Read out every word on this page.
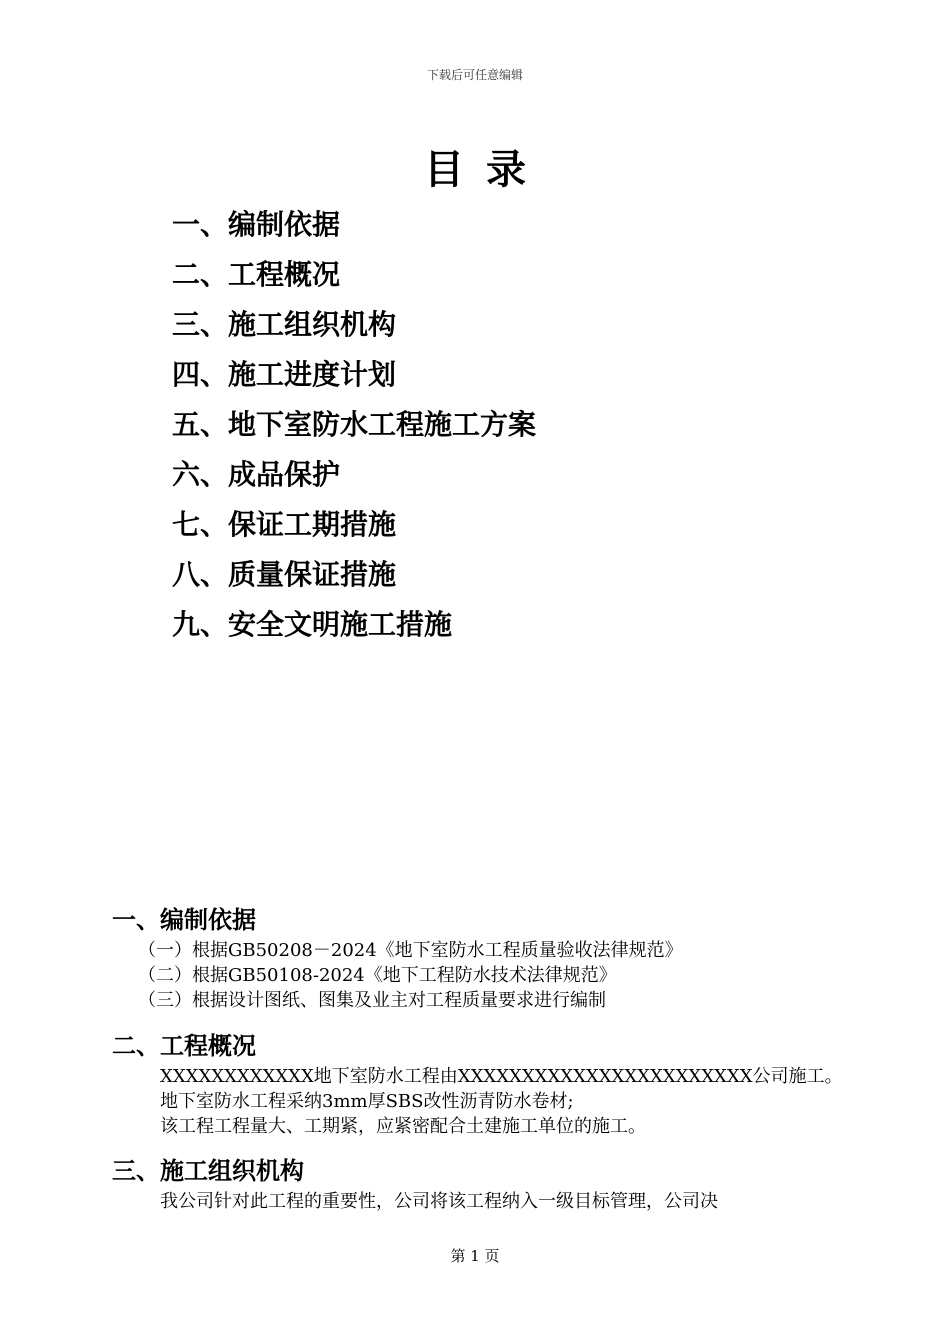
下载后可任意编辑
目录
一、编制依据
二、工程概况
三、施工组织机构
四、施工进度计划
五、地下室防水工程施工方案
六、成品保护
七、保证工期措施
八、质量保证措施
九、安全文明施工措施
一、编制依据
（一）根据GB50208－2024《地下室防水工程质量验收法律规范》
（二）根据GB50108-2024《地下工程防水技术法律规范》
（三）根据设计图纸、图集及业主对工程质量要求进行编制
二、工程概况
XXXXXXXXXXXX地下室防水工程由XXXXXXXXXXXXXXXXXXXXXXX公司施工。
地下室防水工程采纳3mm厚SBS改性沥青防水卷材;
该工程工程量大、工期紧，应紧密配合土建施工单位的施工。
三、施工组织机构
我公司针对此工程的重要性，公司将该工程纳入一级目标管理，公司决
第 1 页
